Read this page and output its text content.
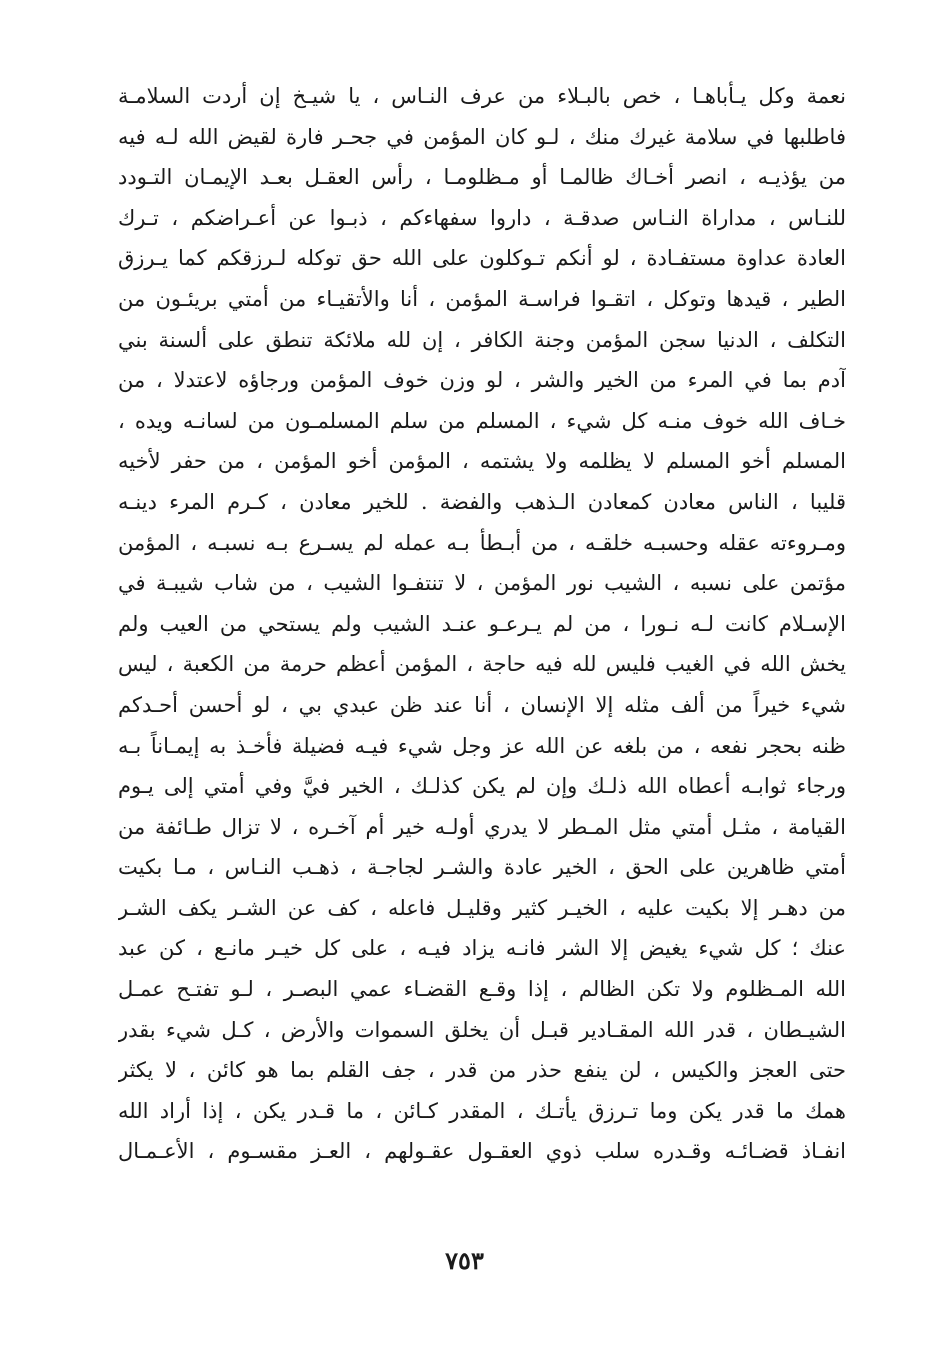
نعمة وكل يـأباهـا ، خص بالبـلاء من عرف النـاس ، يا شيـخ إن أردت السلامـة
فاطلبها في سلامة غيرك منك ، لـو كان المؤمن في جحـر فارة لقيض الله لـه فيه
من يؤذيـه ، انصر أخـاك ظالمـا أو مـظلومـا ، رأس العقـل بعـد الإيمـان التـودد
للنـاس ، مداراة النـاس صدقـة ، داروا سفهاءكم ، ذبـوا عن أعـراضكم ، تـرك
العادة عداوة مستفـادة ، لو أنكم تـوكلون على الله حق توكله لـرزقكم كما يـرزق
الطير ، قيدها وتوكل ، اتقـوا فراسـة المؤمن ، أنا والأتقيـاء من أمتي بريئـون من
التكلف ، الدنيا سجن المؤمن وجنة الكافر ، إن لله ملائكة تنطق على ألسنة بني
آدم بما في المرء من الخير والشر ، لو وزن خوف المؤمن ورجاؤه لاعتدلا ، من
خـاف الله خوف منـه كل شيء ، المسلم من سلم المسلمـون من لسانـه ويده ،
المسلم أخو المسلم لا يظلمه ولا يشتمه ، المؤمن أخو المؤمن ، من حفر لأخيه
قليبا ، الناس معادن كمعادن الـذهب والفضة . للخير معادن ، كـرم المرء دينـه
ومـروءته عقله وحسبـه خلقـه ، من أبـطأ بـه عمله لم يسـرع بـه نسبـه ، المؤمن
مؤتمن على نسبه ، الشيب نور المؤمن ، لا تنتفـوا الشيب ، من شاب شيبـة في
الإسـلام كانت لـه نـورا ، من لم يـرعـو عنـد الشيب ولم يستحي من العيب ولم
يخش الله في الغيب فليس لله فيه حاجة ، المؤمن أعظم حرمة من الكعبة ، ليس
شيء خيراً من ألف مثله إلا الإنسان ، أنا عند ظن عبدي بي ، لو أحسن أحـدكم
ظنه بحجر نفعه ، من بلغه عن الله عز وجل شيء فيـه فضيلة فأخـذ به إيمـاناً بـه
ورجاء ثوابـه أعطاه الله ذلـك وإن لم يكن كذلـك ، الخير فيَّ وفي أمتي إلى يـوم
القيامة ، مثـل أمتي مثل المـطر لا يدري أولـه خير أم آخـره ، لا تزال طـائفة من
أمتي ظاهرين على الحق ، الخير عادة والشـر لجاجـة ، ذهـب النـاس ، مـا بكيت
من دهـر إلا بكيت عليه ، الخيـر كثير وقليـل فاعله ، كف عن الشـر يكف الشـر
عنك ؛ كل شيء يغيض إلا الشر فانـه يزاد فيـه ، على كل خيـر مانـع ، كن عبد
الله المـظلوم ولا تكن الظالم ، إذا وقـع القضـاء عمي البصـر ، لـو تفتـح عمـل
الشيـطان ، قدر الله المقـادير قبـل أن يخلق السموات والأرض ، كـل شيء بقدر
حتى العجز والكيس ، لن ينفع حذر من قدر ، جف القلم بما هو كائن ، لا يكثر
همك ما قدر يكن وما تـرزق يأتـك ، المقدر كـائن ، ما قـدر يكن ، إذا أراد الله
انفـاذ قضـائـه وقـدره سلب ذوي العقـول عقـولهم ، العـز مقسـوم ، الأعـمـال
٧٥٣
